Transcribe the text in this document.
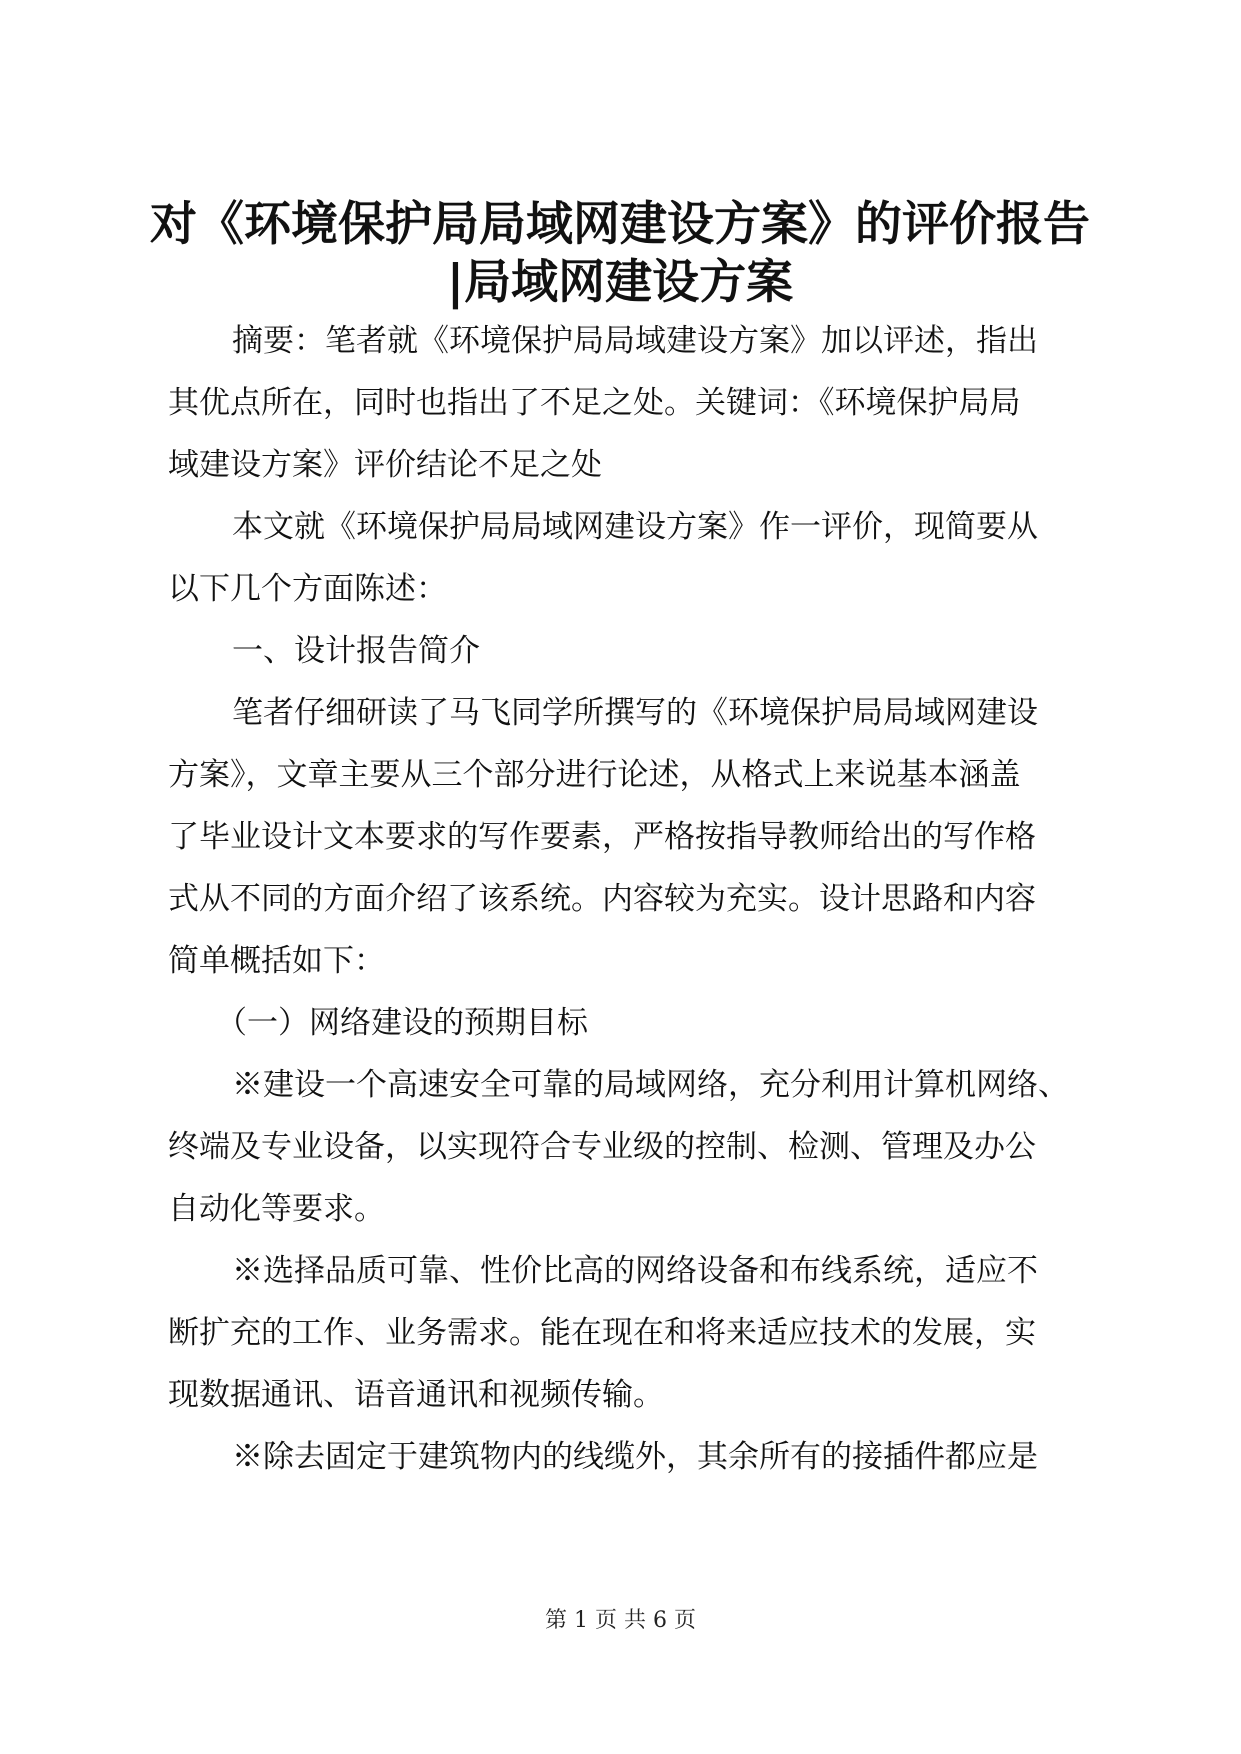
对《环境保护局局域网建设方案》的评价报告
|局域网建设方案

摘要：笔者就《环境保护局局域建设方案》加以评述，指出
其优点所在，同时也指出了不足之处。关键词：《环境保护局局
域建设方案》评价结论不足之处

本文就《环境保护局局域网建设方案》作一评价，现简要从
以下几个方面陈述：

一、设计报告简介

笔者仔细研读了马飞同学所撰写的《环境保护局局域网建设
方案》，文章主要从三个部分进行论述，从格式上来说基本涵盖
了毕业设计文本要求的写作要素，严格按指导教师给出的写作格
式从不同的方面介绍了该系统。内容较为充实。设计思路和内容
简单概括如下：

（一）网络建设的预期目标

※建设一个高速安全可靠的局域网络，充分利用计算机网络、
终端及专业设备，以实现符合专业级的控制、检测、管理及办公
自动化等要求。

※选择品质可靠、性价比高的网络设备和布线系统，适应不
断扩充的工作、业务需求。能在现在和将来适应技术的发展，实
现数据通讯、语音通讯和视频传输。

※除去固定于建筑物内的线缆外，其余所有的接插件都应是

第 1 页 共 6 页
